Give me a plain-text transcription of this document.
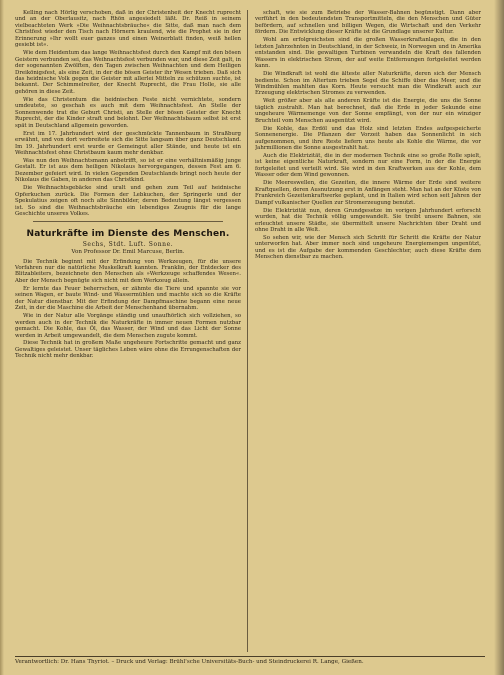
Kelling nach Hörlig verschoben, daß in der Christenheit der Knecht ruprecht und an der Oberlausitz, nach Rhön angesiedelt läßt. Dr. Reiß in seinem vielbeachteten Werk »Die Weihnachtsbräuche« die Sitte, daß man nach dem Christfest wieder den Tisch nach Hörnern kraulend, wie die Prophet sie in der Erinnerung »Ihr wollt euer ganzes und einen Weinerblatt finden, weiß hellen gesiebt ist«.

Wie dem Heidentum das lange Weihnachtsfest durch den Kampf mit den bösen Geistern verbunden sei, das Weihnachtsfest verbunden war, und diese Zeit galt, in der sogenannten Zwölften, den Tagen zwischen Weihnachten und dem Heiligen Dreikönigsfest, als eine Zeit, in der die bösen Geister ihr Wesen trieben. Daß sich das heidnische Volk gegen die Geister mit allerlei Mitteln zu schützen suchte, ist bekannt. Der Schimmelreiter, der Knecht Ruprecht, die Frau Holle, sie alle gehören in diese Zeit.

Wie das Christentum die heidnischen Feste nicht vernichtete, sondern umdeutete, so geschah es auch mit dem Weihnachtsfest. An Stelle der Sonnenwende trat die Geburt Christi, an Stelle der bösen Geister der Knecht Ruprecht, der die Kinder straft und belohnt. Der Weihnachtsbaum selbst ist erst spät in Deutschland allgemein geworden.

Erst im 17. Jahrhundert wird der geschmückte Tannenbaum in Straßburg erwähnt, und von dort verbreitete sich die Sitte langsam über ganz Deutschland. Im 19. Jahrhundert erst wurde er Gemeingut aller Stände, und heute ist ein Weihnachtsfest ohne Christbaum kaum mehr denkbar.

Was nun den Weihnachtsmann anbetrifft, so ist er eine verhältnismäßig junge Gestalt. Er ist aus dem heiligen Nikolaus hervorgegangen, dessen Fest am 6. Dezember gefeiert wird. In vielen Gegenden Deutschlands bringt noch heute der Nikolaus die Gaben, in anderen das Christkind.

Die Weihnachtsgebäcke sind uralt und gehen zum Teil auf heidnische Opferkuchen zurück. Die Formen der Lebkuchen, der Springerle und der Spekulatius zeigen oft noch alte Sinnbilder, deren Bedeutung längst vergessen ist. So sind die Weihnachtsbräuche ein lebendiges Zeugnis für die lange Geschichte unseres Volkes.

Naturkräfte im Dienste des Menschen.
Sechs, Stdt. Luft. Sonne.
Von Professor Dr. Emil Marcuse, Berlin.

Die Technik beginnt mit der Erfindung von Werkzeugen, für die unsere Vorfahren nur die natürliche Muskelkraft kannten. Franklin, der Entdecker des Blitzableiters, bezeichnete den Menschen als »Werkzeuge schaffendes Wesen«. Aber der Mensch begnügte sich nicht mit dem Werkzeug allein.

Er lernte das Feuer beherrschen, er zähmte die Tiere und spannte sie vor seinen Wagen, er baute Wind- und Wassermühlen und machte sich so die Kräfte der Natur dienstbar. Mit der Erfindung der Dampfmaschine begann eine neue Zeit, in der die Maschine die Arbeit der Menschenhand übernahm.

Wie in der Natur alle Vorgänge ständig und unaufhörlich sich vollziehen, so werden auch in der Technik die Naturkräfte in immer neuen Formen nutzbar gemacht. Die Kohle, das Öl, das Wasser, der Wind und das Licht der Sonne werden in Arbeit umgewandelt, die dem Menschen zugute kommt.

Diese Technik hat in großem Maße ungeheure Fortschritte gemacht und ganz Gewaltiges geleistet. Unser tägliches Leben wäre ohne die Errungenschaften der Technik nicht mehr denkbar.

schaft, wie sie zum Betriebe der Wasser-Bahnen begünstigt. Dann aber verführt in den bedeutendsten Transportmitteln, die den Menschen und Güter befördern, auf schnellen und billigen Wegen, die Wirtschaft und den Verkehr fördern. Die Entwicklung dieser Kräfte ist die Grundlage unserer Kultur.

Wohl am erfolgreichsten sind die großen Wasserkraftanlagen, die in den letzten Jahrzehnten in Deutschland, in der Schweiz, in Norwegen und in Amerika entstanden sind. Die gewaltigen Turbinen verwandeln die Kraft des fallenden Wassers in elektrischen Strom, der auf weite Entfernungen fortgeleitet werden kann.

Die Windkraft ist wohl die älteste aller Naturkräfte, deren sich der Mensch bediente. Schon im Altertum trieben Segel die Schiffe über das Meer, und die Windmühlen mahlten das Korn. Heute versucht man die Windkraft auch zur Erzeugung elektrischen Stromes zu verwenden.

Weit größer aber als alle anderen Kräfte ist die Energie, die uns die Sonne täglich zustrahlt. Man hat berechnet, daß die Erde in jeder Sekunde eine ungeheure Wärmemenge von der Sonne empfängt, von der nur ein winziger Bruchteil vom Menschen ausgenützt wird.

Die Kohle, das Erdöl und das Holz sind letzten Endes aufgespeicherte Sonnenenergie. Die Pflanzen der Vorzeit haben das Sonnenlicht in sich aufgenommen, und ihre Reste liefern uns heute als Kohle die Wärme, die vor Jahrmillionen die Sonne ausgestrahlt hat.

Auch die Elektrizität, die in der modernen Technik eine so große Rolle spielt, ist keine eigentliche Naturkraft, sondern nur eine Form, in der die Energie fortgeleitet und verteilt wird. Sie wird in den Kraftwerken aus der Kohle, dem Wasser oder dem Wind gewonnen.

Die Meereswellen, die Gezeiten, die innere Wärme der Erde sind weitere Kraftquellen, deren Ausnutzung erst in Anfängen steht. Man hat an der Küste von Frankreich Gezeitenkraftwerke geplant, und in Italien wird schon seit Jahren der Dampf vulkanischer Quellen zur Stromerzeugung benutzt.

Die Elektrizität nun, deren Grundgesetze im vorigen Jahrhundert erforscht wurden, hat die Technik völlig umgewandelt. Sie treibt unsere Bahnen, sie erleuchtet unsere Städte, sie übermittelt unsere Nachrichten über Draht und ohne Draht in alle Welt.

So sehen wir, wie der Mensch sich Schritt für Schritt die Kräfte der Natur unterworfen hat. Aber immer noch sind ungeheure Energiemengen ungenützt, und es ist die Aufgabe der kommenden Geschlechter, auch diese Kräfte dem Menschen dienstbar zu machen.

Verantwortlich: Dr. Hans Thyriot. – Druck und Verlag: Brühl'sche Universitäts-Buch- und Steindruckerei R. Lange, Gießen.
